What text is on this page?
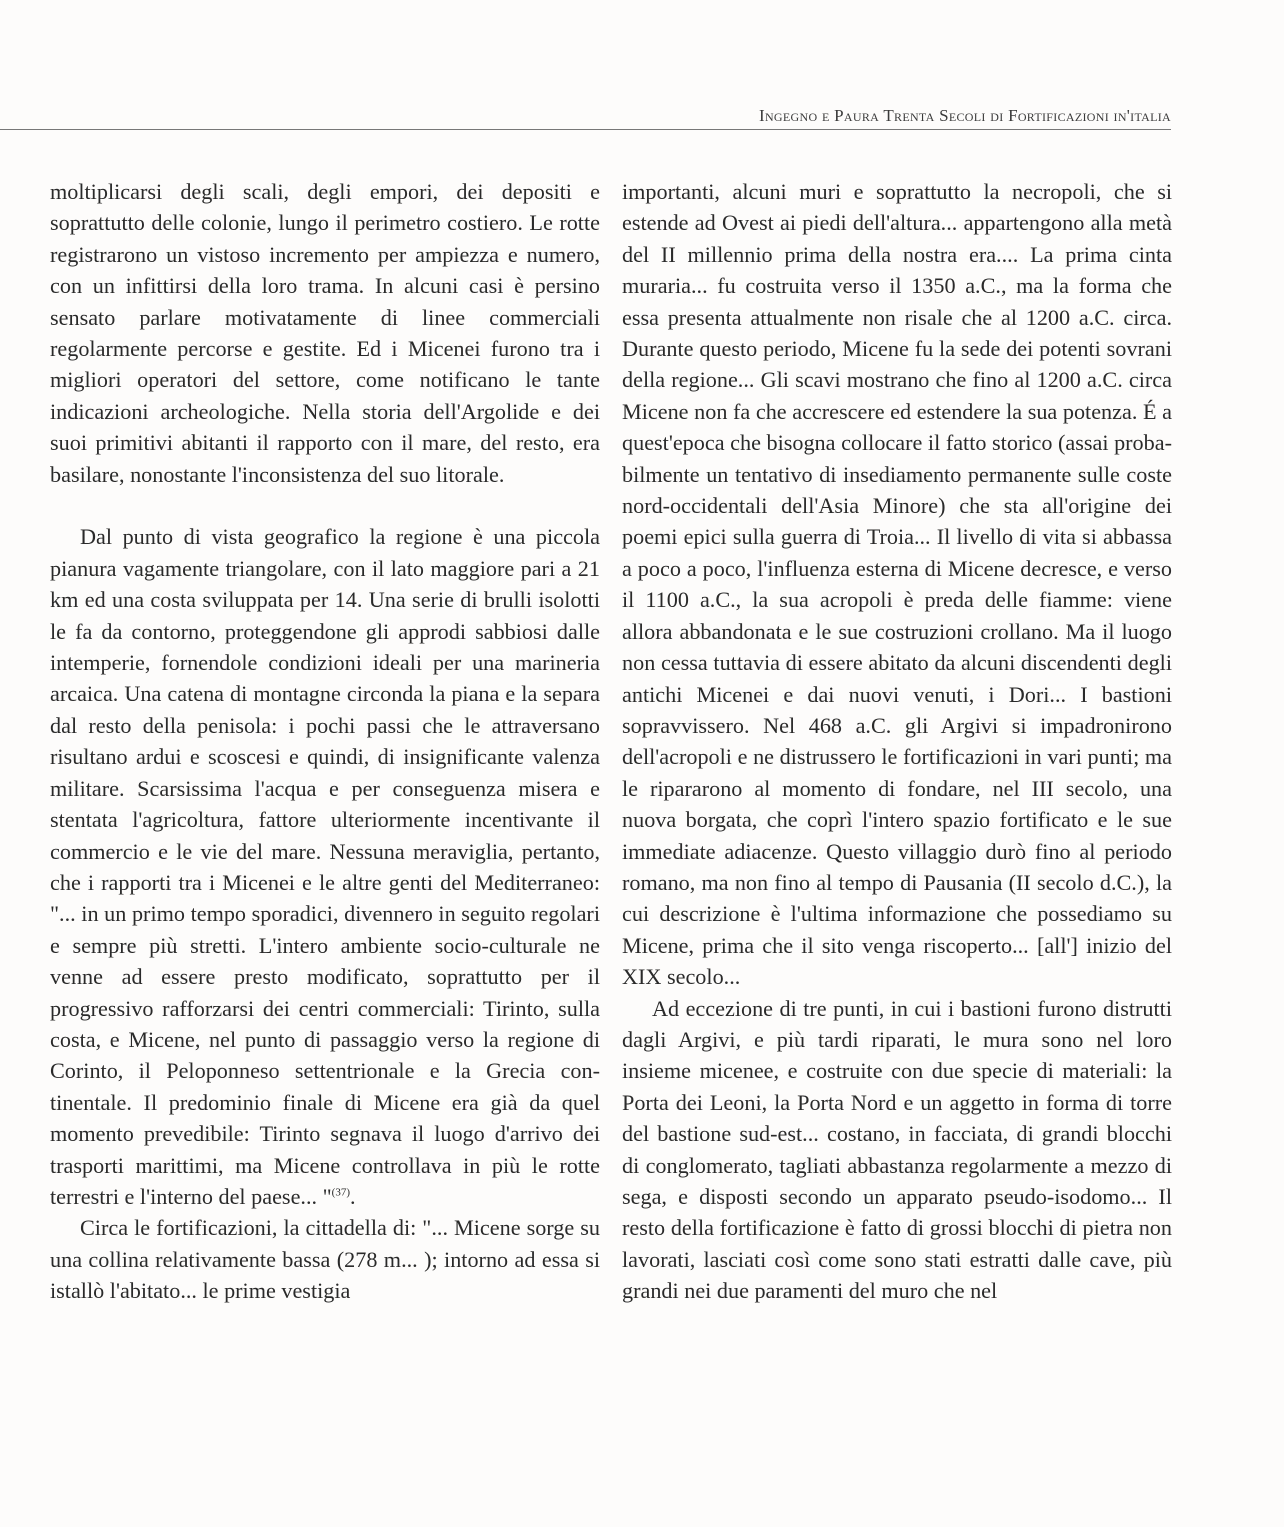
Ingegno e Paura Trenta Secoli di Fortificazioni in'italia

moltiplicarsi degli scali, degli empori, dei depositi e soprattutto delle colonie, lungo il perimetro costiero. Le rotte registrarono un vistoso incremento per ampiezza e numero, con un infittirsi della loro trama. In alcuni casi è persino sensato parlare motivatamente di linee commerciali regolarmente percorse e gestite. Ed i Micenei furono tra i migliori operatori del settore, come notificano le tante indicazioni archeologiche. Nella storia dell'Argolide e dei suoi primitivi abitanti il rapporto con il mare, del resto, era basilare, nonostante l'inconsistenza del suo litorale.

Dal punto di vista geografico la regione è una piccola pianura vagamente triangolare, con il lato maggiore pari a 21 km ed una costa sviluppata per 14. Una serie di brulli isolotti le fa da contorno, proteggendone gli approdi sabbiosi dalle intemperie, fornendole condizioni ideali per una marineria arcaica. Una catena di montagne circonda la piana e la separa dal resto della penisola: i pochi passi che le attraversano risultano ardui e scoscesi e quindi, di insignificante valenza militare. Scarsissima l'acqua e per conseguenza misera e stentata l'agricoltura, fattore ulteriormente incentivante il commercio e le vie del mare. Nessuna meraviglia, pertanto, che i rapporti tra i Micenei e le altre genti del Mediterraneo: "... in un primo tempo sporadici, divennero in seguito regolari e sempre più stretti. L'intero ambiente socio-culturale ne venne ad essere presto modificato, soprattutto per il progressivo rafforzarsi dei centri commerciali: Tirinto, sulla costa, e Micene, nel punto di passaggio verso la regione di Corinto, il Peloponneso settentrionale e la Grecia continentale. Il predominio finale di Micene era già da quel momento prevedibile: Tirinto segnava il luogo d'arrivo dei trasporti marittimi, ma Micene controllava in più le rotte terrestri e l'interno del paese... "$^{(37)}$.

Circa le fortificazioni, la cittadella di: "... Micene sorge su una collina relativamente bassa (278 m... ); intorno ad essa si istallò l'abitato... le prime vestigia

importanti, alcuni muri e soprattutto la necropoli, che si estende ad Ovest ai piedi dell'altura... appartengono alla metà del II millennio prima della nostra era.... La prima cinta muraria... fu costruita verso il 1350 a.C., ma la forma che essa presenta attualmente non risale che al 1200 a.C. circa. Durante questo periodo, Micene fu la sede dei potenti sovrani della regione... Gli scavi mostrano che fino al 1200 a.C. circa Micene non fa che accrescere ed estendere la sua potenza. É a quest'epoca che bisogna collocare il fatto storico (assai probabilmente un tentativo di insediamento permanente sulle coste nord-occidentali dell'Asia Minore) che sta all'origine dei poemi epici sulla guerra di Troia... Il livello di vita si abbassa a poco a poco, l'influenza esterna di Micene decresce, e verso il 1100 a.C., la sua acropoli è preda delle fiamme: viene allora abbandonata e le sue costruzioni crollano. Ma il luogo non cessa tuttavia di essere abitato da alcuni discendenti degli antichi Micenei e dai nuovi venuti, i Dori... I bastioni sopravvissero. Nel 468 a.C. gli Argivi si impadronirono dell'acropoli e ne distrussero le fortificazioni in vari punti; ma le ripararono al momento di fondare, nel III secolo, una nuova borgata, che coprì l'intero spazio fortificato e le sue immediate adiacenze. Questo villaggio durò fino al periodo romano, ma non fino al tempo di Pausania (II secolo d.C.), la cui descrizione è l'ultima informazione che possediamo su Micene, prima che il sito venga riscoperto... [all'] inizio del XIX secolo...

Ad eccezione di tre punti, in cui i bastioni furono distrutti dagli Argivi, e più tardi riparati, le mura sono nel loro insieme micenee, e costruite con due specie di materiali: la Porta dei Leoni, la Porta Nord e un aggetto in forma di torre del bastione sud-est... costano, in facciata, di grandi blocchi di conglomerato, tagliati abbastanza regolarmente a mezzo di sega, e disposti secondo un apparato pseudo-isodomo... Il resto della fortificazione è fatto di grossi blocchi di pietra non lavorati, lasciati così come sono stati estratti dalle cave, più grandi nei due paramenti del muro che nel
